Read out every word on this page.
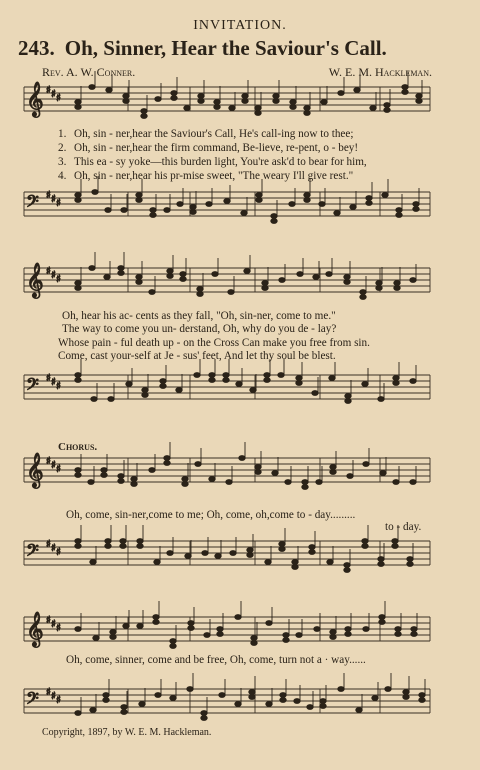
INVITATION.
243. Oh, Sinner, Hear the Saviour's Call.
Rev. A. W. Conner.	W. E. M. Hackleman.
𝄞 ♯ ♯ ♯
𝄢 ♯ ♯ ♯
𝄞 ♯ ♯ ♯
𝄢 ♯ ♯ ♯
𝄞 ♯ ♯ ♯
𝄢 ♯ ♯ ♯
𝄞 ♯ ♯ ♯
𝄢 ♯ ♯ ♯
1. Oh, sin - ner,hear the Saviour's Call, He's call-ing now to thee;
2. Oh, sin - ner,hear the firm command, Be-lieve, re-pent, o - bey!
3. This ea - sy yoke—this burden light, You're ask'd to bear for him,
4. Oh, sin - ner,hear his pr-mise sweet, "The weary I'll give rest."
Oh, hear his ac- cents as they fall, "Oh, sin-ner, come to me."
The way to come you un- derstand, Oh, why do you de - lay?
Whose pain - ful death up - on the Cross Can make you free from sin.
Come, cast your-self at Je - sus' feet, And let thy soul be blest.
Chorus.
Oh, come, sin-ner,come to me; Oh, come, oh,come to - day.........
to - day.
Oh, come, sinner, come and be free, Oh, come, turn not a · way......
Copyright, 1897, by W. E. M. Hackleman.
